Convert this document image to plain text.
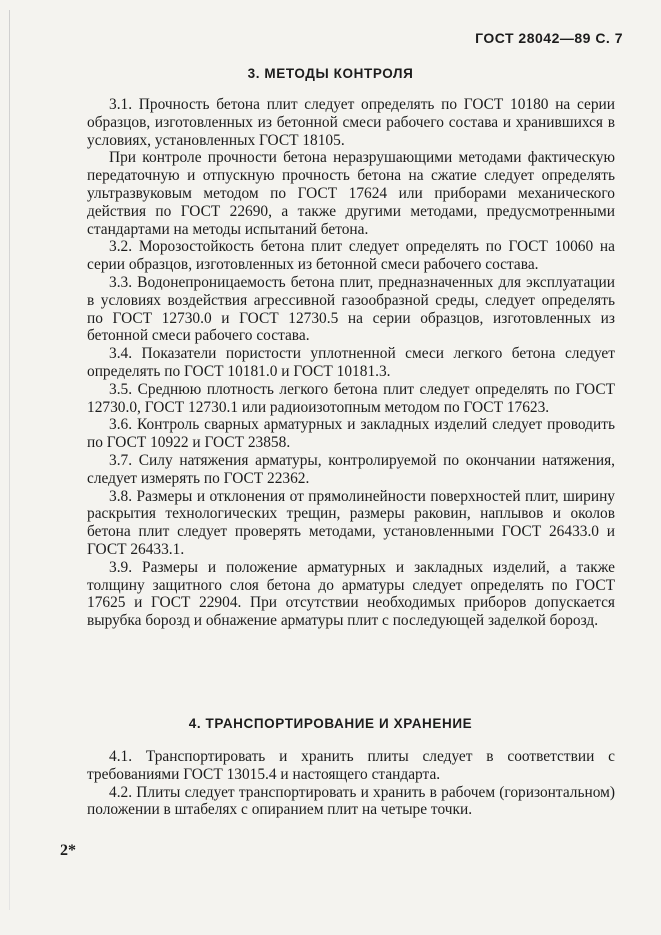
ГОСТ 28042—89 С. 7
3. МЕТОДЫ КОНТРОЛЯ

3.1. Прочность бетона плит следует определять по ГОСТ 10180 на серии образцов, изготовленных из бетонной смеси рабочего состава и хранившихся в условиях, установленных ГОСТ 18105.

При контроле прочности бетона неразрушающими методами фактическую передаточную и отпускную прочность бетона на сжатие следует определять ультразвуковым методом по ГОСТ 17624 или приборами механического действия по ГОСТ 22690, а также другими методами, предусмотренными стандартами на методы испытаний бетона.

3.2. Морозостойкость бетона плит следует определять по ГОСТ 10060 на серии образцов, изготовленных из бетонной смеси рабочего состава.

3.3. Водонепроницаемость бетона плит, предназначенных для эксплуатации в условиях воздействия агрессивной газообразной среды, следует определять по ГОСТ 12730.0 и ГОСТ 12730.5 на серии образцов, изготовленных из бетонной смеси рабочего состава.

3.4. Показатели пористости уплотненной смеси легкого бетона следует определять по ГОСТ 10181.0 и ГОСТ 10181.3.

3.5. Среднюю плотность легкого бетона плит следует определять по ГОСТ 12730.0, ГОСТ 12730.1 или радиоизотопным методом по ГОСТ 17623.

3.6. Контроль сварных арматурных и закладных изделий следует проводить по ГОСТ 10922 и ГОСТ 23858.

3.7. Силу натяжения арматуры, контролируемой по окончании натяжения, следует измерять по ГОСТ 22362.

3.8. Размеры и отклонения от прямолинейности поверхностей плит, ширину раскрытия технологических трещин, размеры раковин, наплывов и околов бетона плит следует проверять методами, установленными ГОСТ 26433.0 и ГОСТ 26433.1.

3.9. Размеры и положение арматурных и закладных изделий, а также толщину защитного слоя бетона до арматуры следует определять по ГОСТ 17625 и ГОСТ 22904. При отсутствии необходимых приборов допускается вырубка борозд и обнажение арматуры плит с последующей заделкой борозд.

4. ТРАНСПОРТИРОВАНИЕ И ХРАНЕНИЕ

4.1. Транспортировать и хранить плиты следует в соответствии с требованиями ГОСТ 13015.4 и настоящего стандарта.

4.2. Плиты следует транспортировать и хранить в рабочем (горизонтальном) положении в штабелях с опиранием плит на четыре точки.

2*
